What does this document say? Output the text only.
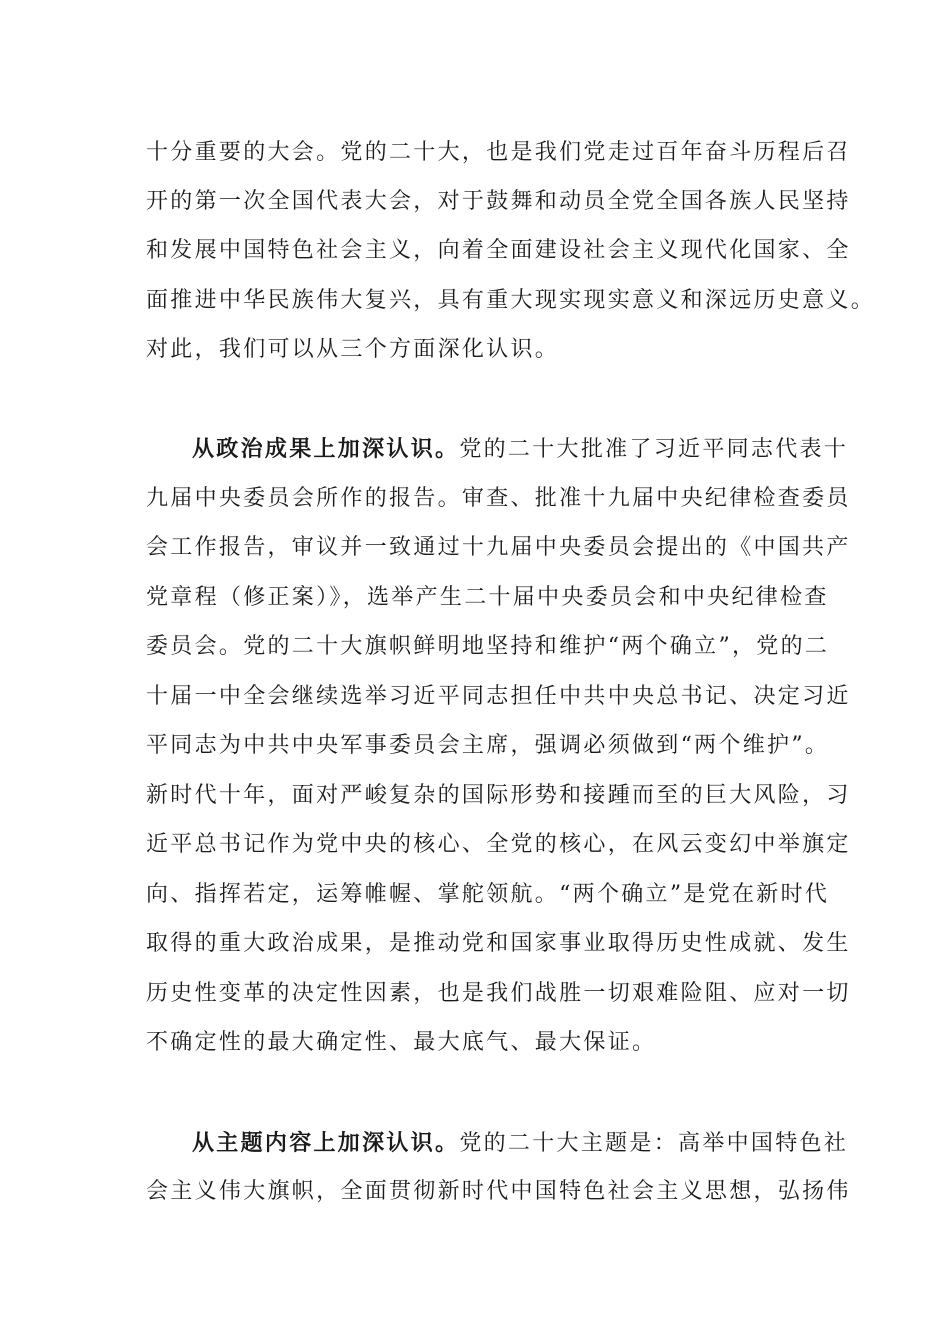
十分重要的大会。党的二十大，也是我们党走过百年奋斗历程后召
开的第一次全国代表大会，对于鼓舞和动员全党全国各族人民坚持
和发展中国特色社会主义，向着全面建设社会主义现代化国家、全
面推进中华民族伟大复兴，具有重大现实现实意义和深远历史意义。
对此，我们可以从三个方面深化认识。
从政治成果上加深认识。党的二十大批准了习近平同志代表十
九届中央委员会所作的报告。审查、批准十九届中央纪律检查委员
会工作报告，审议并一致通过十九届中央委员会提出的《中国共产
党章程（修正案）》，选举产生二十届中央委员会和中央纪律检查
委员会。党的二十大旗帜鲜明地坚持和维护“两个确立”，党的二
十届一中全会继续选举习近平同志担任中共中央总书记、决定习近
平同志为中共中央军事委员会主席，强调必须做到“两个维护”。
新时代十年，面对严峻复杂的国际形势和接踵而至的巨大风险，习
近平总书记作为党中央的核心、全党的核心，在风云变幻中举旗定
向、指挥若定，运筹帷幄、掌舵领航。“两个确立”是党在新时代
取得的重大政治成果，是推动党和国家事业取得历史性成就、发生
历史性变革的决定性因素，也是我们战胜一切艰难险阻、应对一切
不确定性的最大确定性、最大底气、最大保证。
从主题内容上加深认识。党的二十大主题是：高举中国特色社
会主义伟大旗帜，全面贯彻新时代中国特色社会主义思想，弘扬伟
